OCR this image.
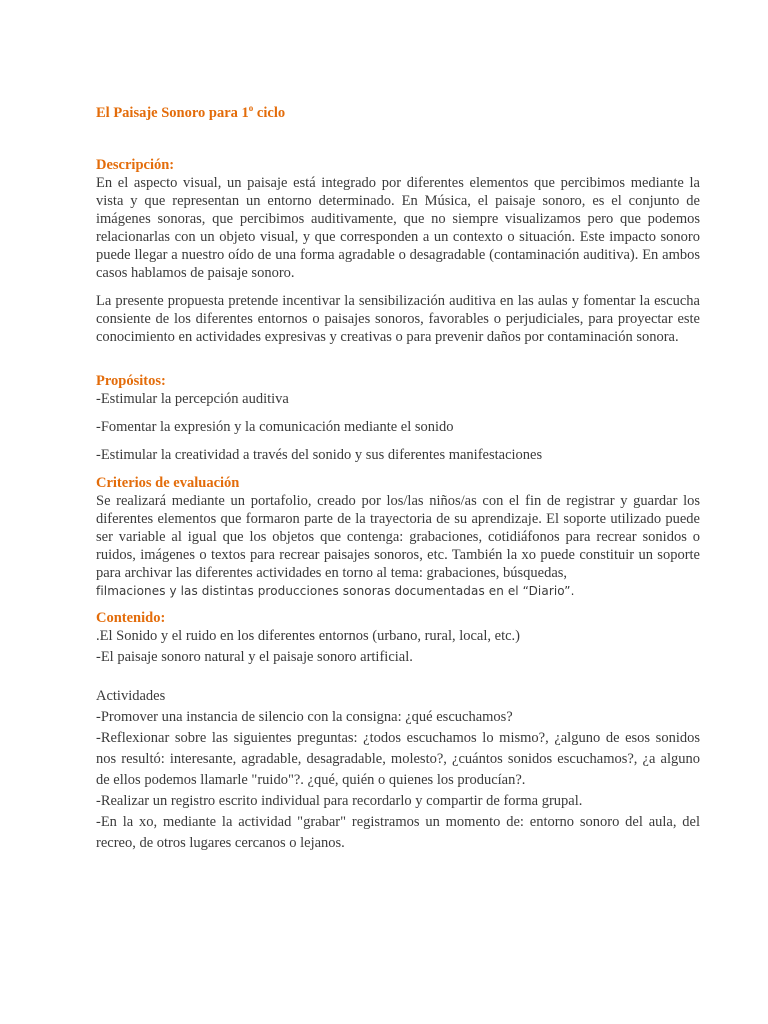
El Paisaje Sonoro para 1$^o$ ciclo

Descripción:

En el aspecto visual, un paisaje está integrado por diferentes elementos que percibimos mediante la vista y que representan un entorno determinado. En Música, el paisaje sonoro, es el conjunto de imágenes sonoras, que percibimos auditivamente, que no siempre visualizamos pero que podemos relacionarlas con un objeto visual, y que corresponden a un contexto o situación. Este impacto sonoro puede llegar a nuestro oído de una forma agradable o desagradable (contaminación auditiva). En ambos casos hablamos de paisaje sonoro.

La presente propuesta pretende incentivar la sensibilización auditiva en las aulas y fomentar la escucha consiente de los diferentes entornos o paisajes sonoros, favorables o perjudiciales, para proyectar este conocimiento en actividades expresivas y creativas o para prevenir daños por contaminación sonora.

Propósitos:

-Estimular la percepción auditiva

-Fomentar la expresión y la comunicación mediante el sonido

-Estimular la creatividad a través del sonido y sus diferentes manifestaciones

Criterios de evaluación

Se realizará mediante un portafolio, creado por los/las niños/as con el fin de registrar y guardar los diferentes elementos que formaron parte de la trayectoria de su aprendizaje. El soporte utilizado puede ser variable al igual que los objetos que contenga: grabaciones, cotidiáfonos para recrear sonidos o ruidos, imágenes o textos para recrear paisajes sonoros, etc. También la xo puede constituir un soporte para archivar las diferentes actividades en torno al tema: grabaciones, búsquedas,

filmaciones y las distintas producciones sonoras documentadas en el “Diario”.

Contenido:

.El Sonido y el ruido en los diferentes entornos (urbano, rural, local, etc.)

-El paisaje sonoro natural y el paisaje sonoro artificial.

Actividades

-Promover una instancia de silencio con la consigna: ¿qué escuchamos?

-Reflexionar sobre las siguientes preguntas: ¿todos escuchamos lo mismo?, ¿alguno de esos sonidos nos resultó: interesante, agradable, desagradable, molesto?, ¿cuántos sonidos escuchamos?, ¿a alguno de ellos podemos llamarle "ruido"?. ¿qué, quién o quienes los producían?.

-Realizar un registro escrito individual para recordarlo y compartir de forma grupal.

-En la xo, mediante la actividad "grabar" registramos un momento de: entorno sonoro del aula, del recreo, de otros lugares cercanos o lejanos.
